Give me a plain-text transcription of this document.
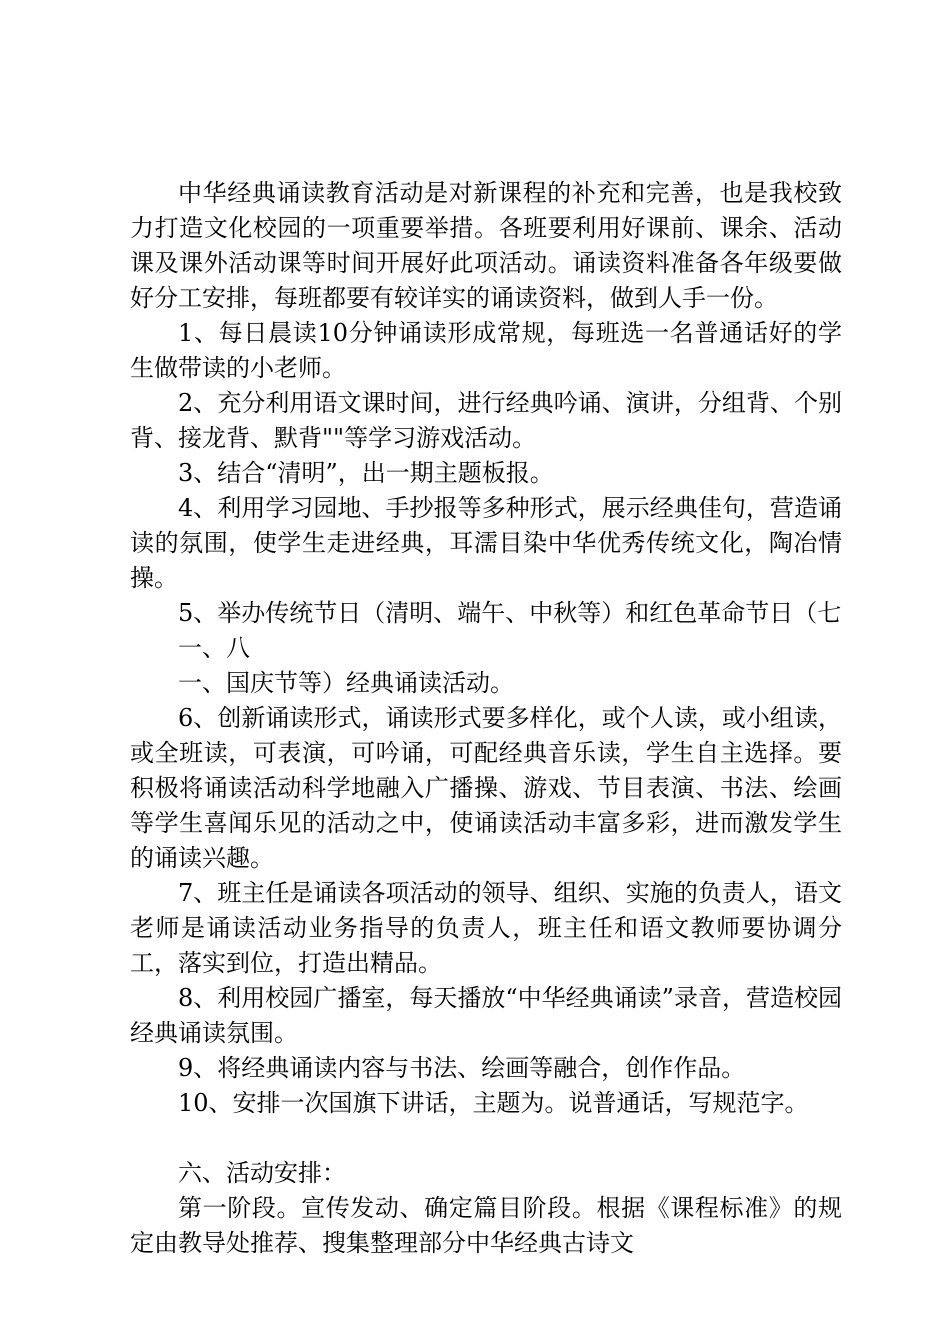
中华经典诵读教育活动是对新课程的补充和完善，也是我校致力打造文化校园的一项重要举措。各班要利用好课前、课余、活动课及课外活动课等时间开展好此项活动。诵读资料准备各年级要做好分工安排，每班都要有较详实的诵读资料，做到人手一份。

1、每日晨读10分钟诵读形成常规，每班选一名普通话好的学生做带读的小老师。

2、充分利用语文课时间，进行经典吟诵、演讲，分组背、个别背、接龙背、默背""等学习游戏活动。

3、结合“清明”，出一期主题板报。

4、利用学习园地、手抄报等多种形式，展示经典佳句，营造诵读的氛围，使学生走进经典，耳濡目染中华优秀传统文化，陶冶情操。

5、举办传统节日（清明、端午、中秋等）和红色革命节日（七

一、八

一、国庆节等）经典诵读活动。

6、创新诵读形式，诵读形式要多样化，或个人读，或小组读，或全班读，可表演，可吟诵，可配经典音乐读，学生自主选择。要积极将诵读活动科学地融入广播操、游戏、节目表演、书法、绘画等学生喜闻乐见的活动之中，使诵读活动丰富多彩，进而激发学生的诵读兴趣。

7、班主任是诵读各项活动的领导、组织、实施的负责人，语文老师是诵读活动业务指导的负责人，班主任和语文教师要协调分工，落实到位，打造出精品。

8、利用校园广播室，每天播放“中华经典诵读”录音，营造校园经典诵读氛围。

9、将经典诵读内容与书法、绘画等融合，创作作品。

10、安排一次国旗下讲话，主题为。说普通话，写规范字。

六、活动安排：

第一阶段。宣传发动、确定篇目阶段。根据《课程标准》的规定由教导处推荐、搜集整理部分中华经典古诗文
